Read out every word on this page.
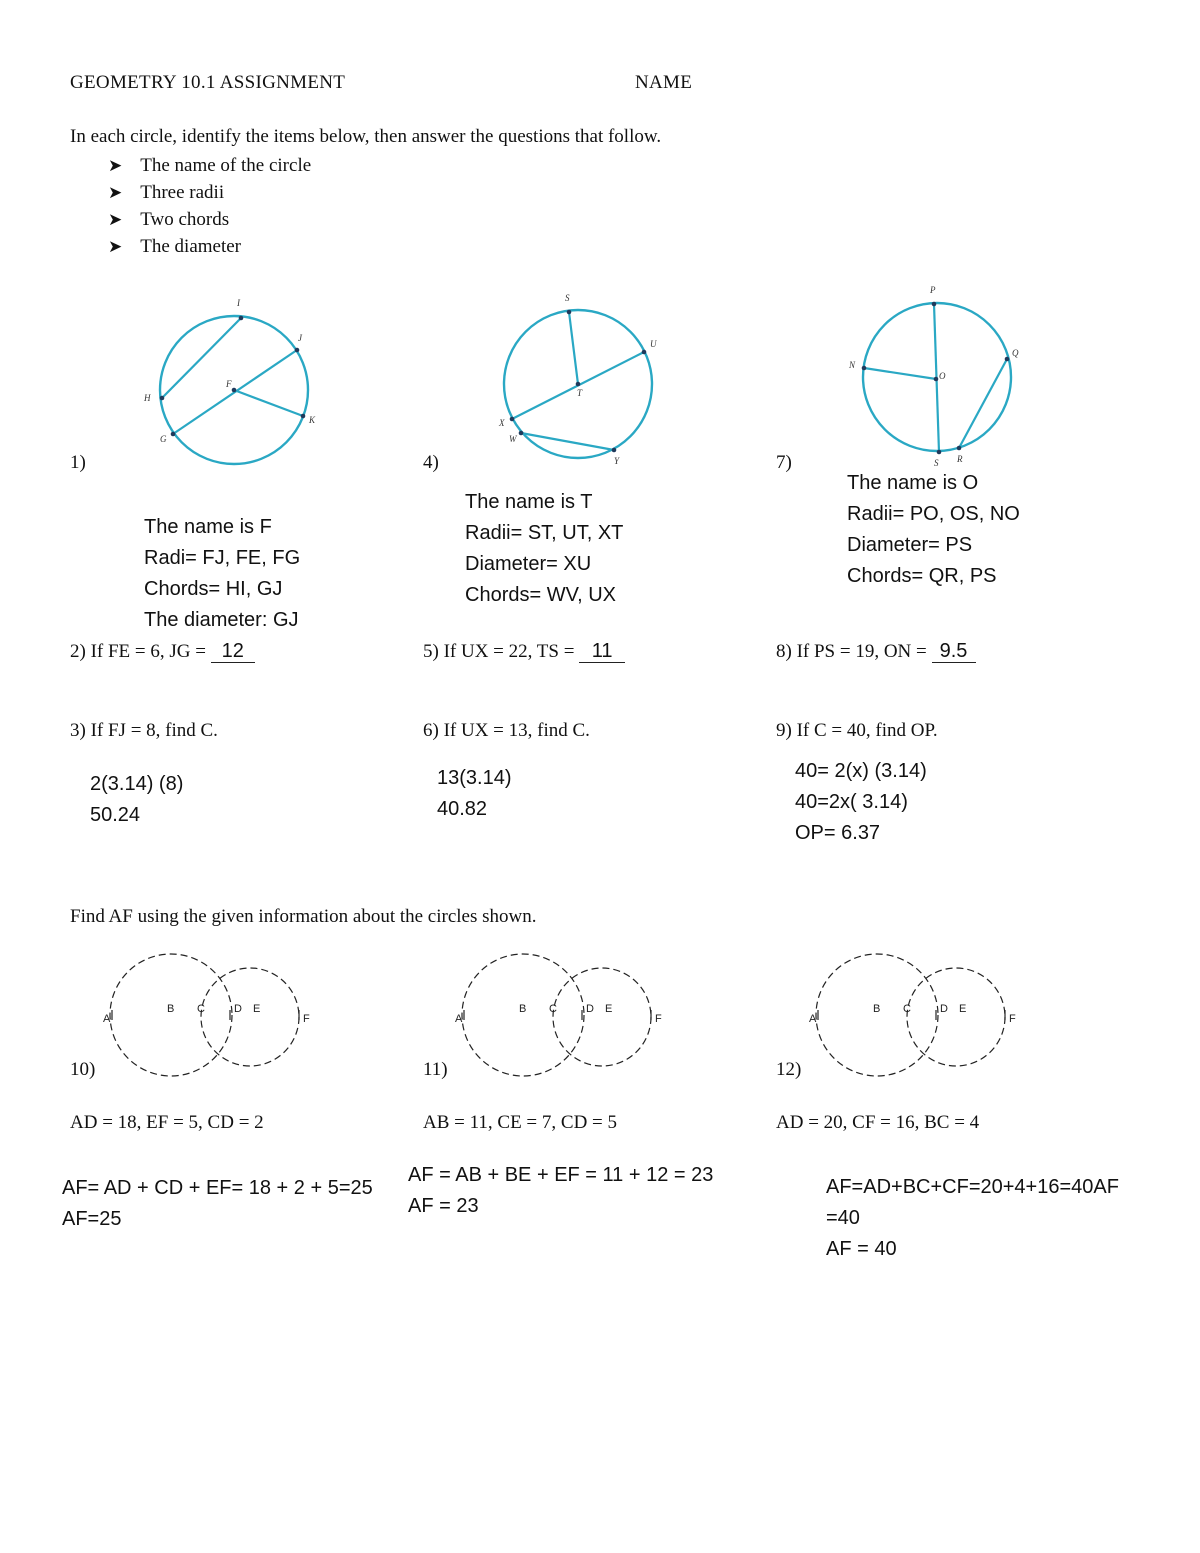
GEOMETRY 10.1 ASSIGNMENT	NAME
In each circle, identify the items below, then answer the questions that follow.
➤ The name of the circle
➤ Three radii
➤ Two chords
➤ The diameter
I
J
H
F
K
G
S
U
T
X
W
Y
P
Q
N
O
S R
1)	4)	7)
The name is F
Radi= FJ, FE, FG
Chords= HI, GJ
The diameter: GJ
The name is T
Radii= ST, UT, XT
Diameter= XU
Chords= WV, UX
The name is O
Radii= PO, OS, NO
Diameter= PS
Chords= QR, PS
2) If FE = 6, JG = 12	5) If UX = 22, TS = 11	8) If PS = 19, ON = 9.5
3) If FJ = 8, find C.	6) If UX = 13, find C.	9) If C = 40, find OP.
2(3.14) (8)
50.24
13(3.14)
40.82
40= 2(x) (3.14)
40=2x( 3.14)
OP= 6.37
Find AF using the given information about the circles shown.
A
B C	D E
F	A
B C	D E
F	A
B C	D E
F
10)	11)	12)
AD = 18, EF = 5, CD = 2	AB = 11, CE = 7, CD = 5	AD = 20, CF = 16, BC = 4
AF= AD + CD + EF= 18 + 2 + 5=25
AF=25
AF = AB + BE + EF = 11 + 12 = 23
AF = 23
AF=AD+BC+CF=20+4+16=40AF
=40
AF = 40
